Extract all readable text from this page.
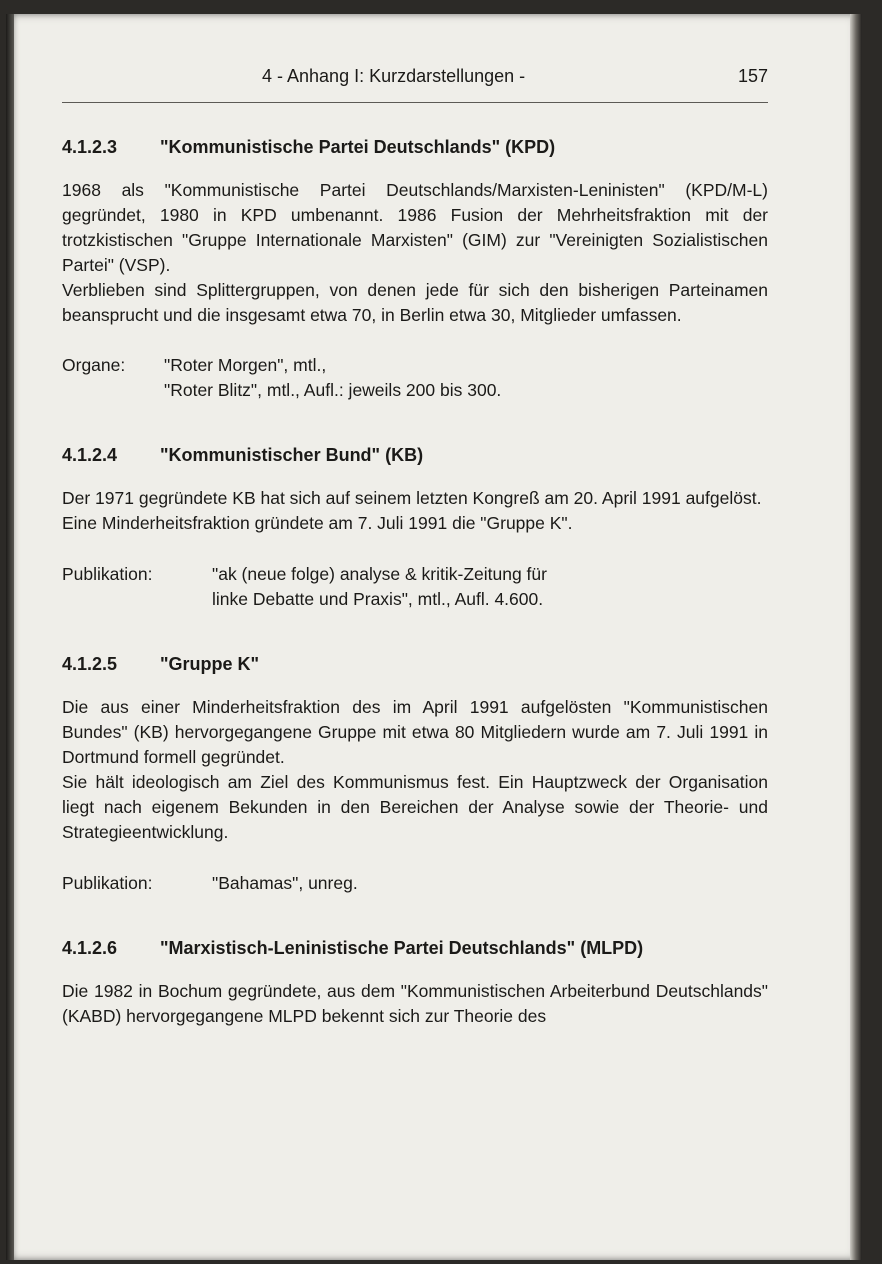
4 - Anhang I: Kurzdarstellungen -	157
4.1.2.3	"Kommunistische Partei Deutschlands" (KPD)

1968 als "Kommunistische Partei Deutschlands/Marxisten-Leninisten" (KPD/M-L) gegründet, 1980 in KPD umbenannt. 1986 Fusion der Mehrheitsfraktion mit der trotzkistischen "Gruppe Internationale Marxisten" (GIM) zur "Vereinigten Sozialistischen Partei" (VSP).

Verblieben sind Splittergruppen, von denen jede für sich den bisherigen Parteinamen beansprucht und die insgesamt etwa 70, in Berlin etwa 30, Mitglieder umfassen.

Organe:	"Roter Morgen", mtl.,
"Roter Blitz", mtl., Aufl.: jeweils 200 bis 300.
4.1.2.4	"Kommunistischer Bund" (KB)

Der 1971 gegründete KB hat sich auf seinem letzten Kongreß am 20. April 1991 aufgelöst.

Eine Minderheitsfraktion gründete am 7. Juli 1991 die "Gruppe K".

Publikation:	"ak (neue folge) analyse & kritik-Zeitung für
linke Debatte und Praxis", mtl., Aufl. 4.600.
4.1.2.5	"Gruppe K"

Die aus einer Minderheitsfraktion des im April 1991 aufgelösten "Kommunistischen Bundes" (KB) hervorgegangene Gruppe mit etwa 80 Mitgliedern wurde am 7. Juli 1991 in Dortmund formell gegründet.

Sie hält ideologisch am Ziel des Kommunismus fest. Ein Hauptzweck der Organisation liegt nach eigenem Bekunden in den Bereichen der Analyse sowie der Theorie- und Strategieentwicklung.

Publikation:	"Bahamas", unreg.
4.1.2.6	"Marxistisch-Leninistische Partei Deutschlands" (MLPD)

Die 1982 in Bochum gegründete, aus dem "Kommunistischen Arbeiterbund Deutschlands" (KABD) hervorgegangene MLPD bekennt sich zur Theorie des
